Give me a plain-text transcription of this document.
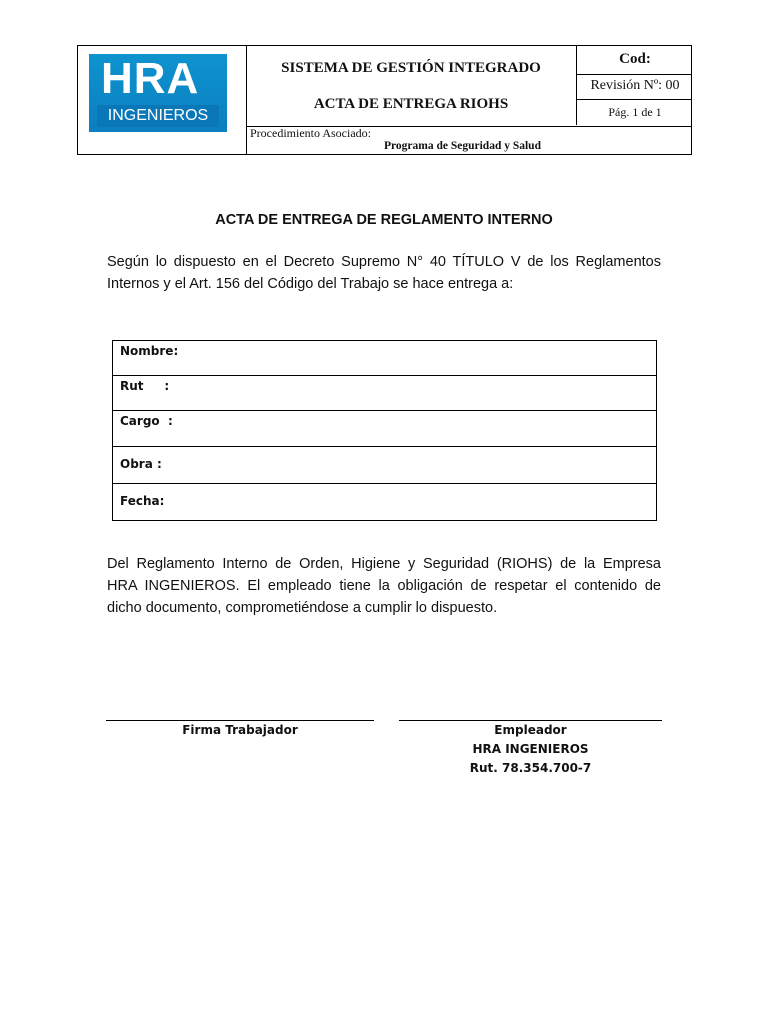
HRA
INGENIEROS
SISTEMA DE GESTIÓN INTEGRADO
ACTA DE ENTREGA RIOHS
Cod:
Revisión Nº: 00
Pág. 1 de 1
Procedimiento Asociado:
Programa de Seguridad y Salud
ACTA DE ENTREGA DE REGLAMENTO INTERNO
Según lo dispuesto en el Decreto Supremo N° 40 TÍTULO V de los Reglamentos
Internos y el Art. 156 del Código del Trabajo se hace entrega a:
Nombre:
Rut     :
Cargo  :
Obra :
Fecha:
Del Reglamento Interno de Orden, Higiene y Seguridad (RIOHS) de la Empresa
HRA INGENIEROS. El empleado tiene la obligación de respetar el contenido de
dicho documento, comprometiéndose a cumplir lo dispuesto.
Firma Trabajador	Empleador
HRA INGENIEROS
Rut. 78.354.700-7
